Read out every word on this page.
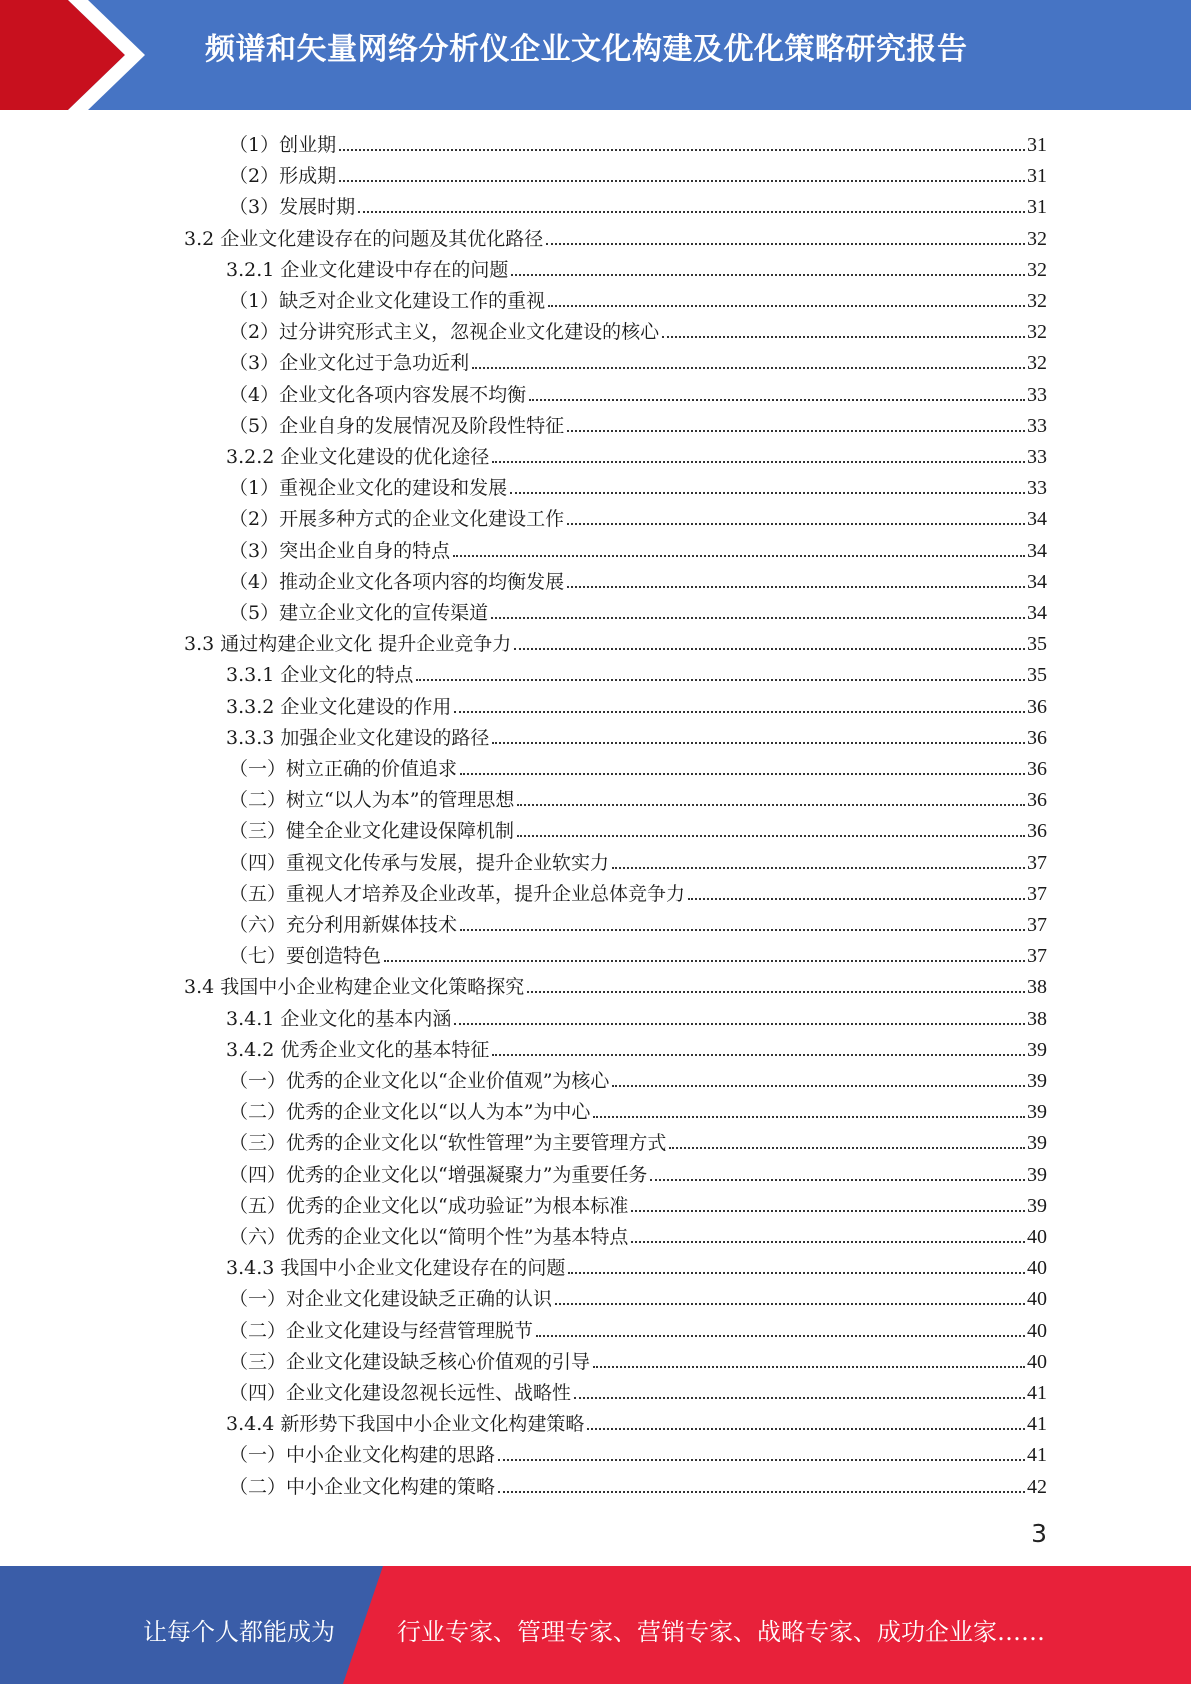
频谱和矢量网络分析仪企业文化构建及优化策略研究报告
（1）创业期	31
（2）形成期	31
（3）发展时期	31
3.2 企业文化建设存在的问题及其优化路径	32
3.2.1 企业文化建设中存在的问题	32
（1）缺乏对企业文化建设工作的重视	32
（2）过分讲究形式主义，忽视企业文化建设的核心	32
（3）企业文化过于急功近利	32
（4）企业文化各项内容发展不均衡	33
（5）企业自身的发展情况及阶段性特征	33
3.2.2 企业文化建设的优化途径	33
（1）重视企业文化的建设和发展	33
（2）开展多种方式的企业文化建设工作	34
（3）突出企业自身的特点	34
（4）推动企业文化各项内容的均衡发展	34
（5）建立企业文化的宣传渠道	34
3.3 通过构建企业文化 提升企业竞争力	35
3.3.1 企业文化的特点	35
3.3.2 企业文化建设的作用	36
3.3.3 加强企业文化建设的路径	36
（一）树立正确的价值追求	36
（二）树立“以人为本”的管理思想	36
（三）健全企业文化建设保障机制	36
（四）重视文化传承与发展，提升企业软实力	37
（五）重视人才培养及企业改革，提升企业总体竞争力	37
（六）充分利用新媒体技术	37
（七）要创造特色	37
3.4 我国中小企业构建企业文化策略探究	38
3.4.1 企业文化的基本内涵	38
3.4.2 优秀企业文化的基本特征	39
（一）优秀的企业文化以“企业价值观”为核心	39
（二）优秀的企业文化以“以人为本”为中心	39
（三）优秀的企业文化以“软性管理”为主要管理方式	39
（四）优秀的企业文化以“增强凝聚力”为重要任务	39
（五）优秀的企业文化以“成功验证”为根本标准	39
（六）优秀的企业文化以“简明个性”为基本特点	40
3.4.3 我国中小企业文化建设存在的问题	40
（一）对企业文化建设缺乏正确的认识	40
（二）企业文化建设与经营管理脱节	40
（三）企业文化建设缺乏核心价值观的引导	40
（四）企业文化建设忽视长远性、战略性	41
3.4.4 新形势下我国中小企业文化构建策略	41
（一）中小企业文化构建的思路	41
（二）中小企业文化构建的策略	42
3
让每个人都能成为	行业专家、管理专家、营销专家、战略专家、成功企业家……
